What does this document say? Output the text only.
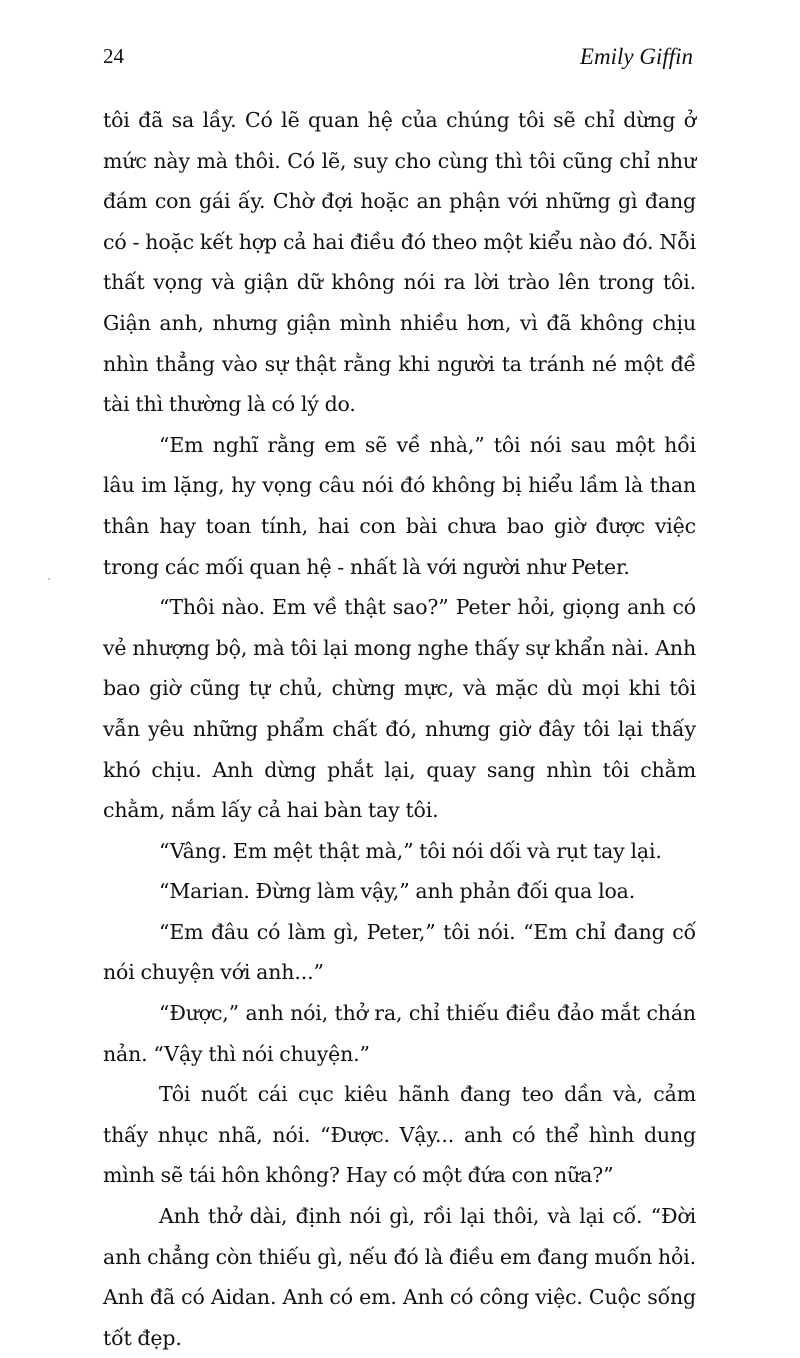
24	Emily Giffin

tôi đã sa lầy. Có lẽ quan hệ của chúng tôi sẽ chỉ dừng ở mức này mà thôi. Có lẽ, suy cho cùng thì tôi cũng chỉ như đám con gái ấy. Chờ đợi hoặc an phận với những gì đang có - hoặc kết hợp cả hai điều đó theo một kiểu nào đó. Nỗi thất vọng và giận dữ không nói ra lời trào lên trong tôi. Giận anh, nhưng giận mình nhiều hơn, vì đã không chịu nhìn thẳng vào sự thật rằng khi người ta tránh né một đề tài thì thường là có lý do.

“Em nghĩ rằng em sẽ về nhà,” tôi nói sau một hồi lâu im lặng, hy vọng câu nói đó không bị hiểu lầm là than thân hay toan tính, hai con bài chưa bao giờ được việc trong các mối quan hệ - nhất là với người như Peter.

“Thôi nào. Em về thật sao?” Peter hỏi, giọng anh có vẻ nhượng bộ, mà tôi lại mong nghe thấy sự khẩn nài. Anh bao giờ cũng tự chủ, chừng mực, và mặc dù mọi khi tôi vẫn yêu những phẩm chất đó, nhưng giờ đây tôi lại thấy khó chịu. Anh dừng phắt lại, quay sang nhìn tôi chằm chằm, nắm lấy cả hai bàn tay tôi.

“Vâng. Em mệt thật mà,” tôi nói dối và rụt tay lại.

“Marian. Đừng làm vậy,” anh phản đối qua loa.

“Em đâu có làm gì, Peter,” tôi nói. “Em chỉ đang cố nói chuyện với anh...”

“Được,” anh nói, thở ra, chỉ thiếu điều đảo mắt chán nản. “Vậy thì nói chuyện.”

Tôi nuốt cái cục kiêu hãnh đang teo dần và, cảm thấy nhục nhã, nói. “Được. Vậy... anh có thể hình dung mình sẽ tái hôn không? Hay có một đứa con nữa?”

Anh thở dài, định nói gì, rồi lại thôi, và lại cố. “Đời anh chẳng còn thiếu gì, nếu đó là điều em đang muốn hỏi. Anh đã có Aidan. Anh có em. Anh có công việc. Cuộc sống tốt đẹp.
